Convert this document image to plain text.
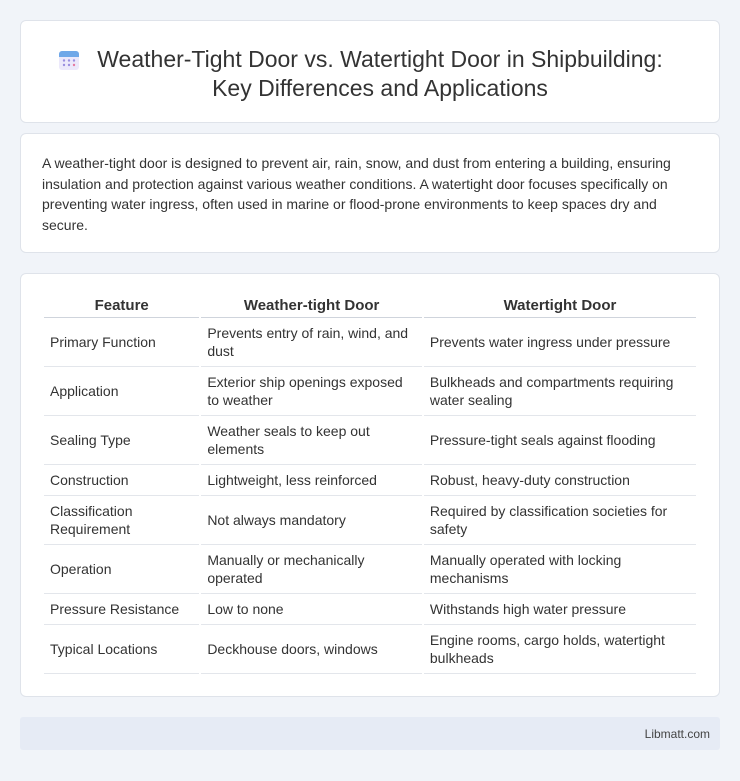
Weather-Tight Door vs. Watertight Door in Shipbuilding:
Key Differences and Applications

A weather-tight door is designed to prevent air, rain, snow, and dust from entering a building, ensuring insulation and protection against various weather conditions. A watertight door focuses specifically on preventing water ingress, often used in marine or flood-prone environments to keep spaces dry and secure.

Feature	Weather-tight Door	Watertight Door
Primary Function	Prevents entry of rain, wind, and dust	Prevents water ingress under pressure
Application	Exterior ship openings exposed to weather	Bulkheads and compartments requiring water sealing
Sealing Type	Weather seals to keep out elements	Pressure-tight seals against flooding
Construction	Lightweight, less reinforced	Robust, heavy-duty construction
Classification Requirement	Not always mandatory	Required by classification societies for safety
Operation	Manually or mechanically operated	Manually operated with locking mechanisms
Pressure Resistance	Low to none	Withstands high water pressure
Typical Locations	Deckhouse doors, windows	Engine rooms, cargo holds, watertight bulkheads
Libmatt.com
